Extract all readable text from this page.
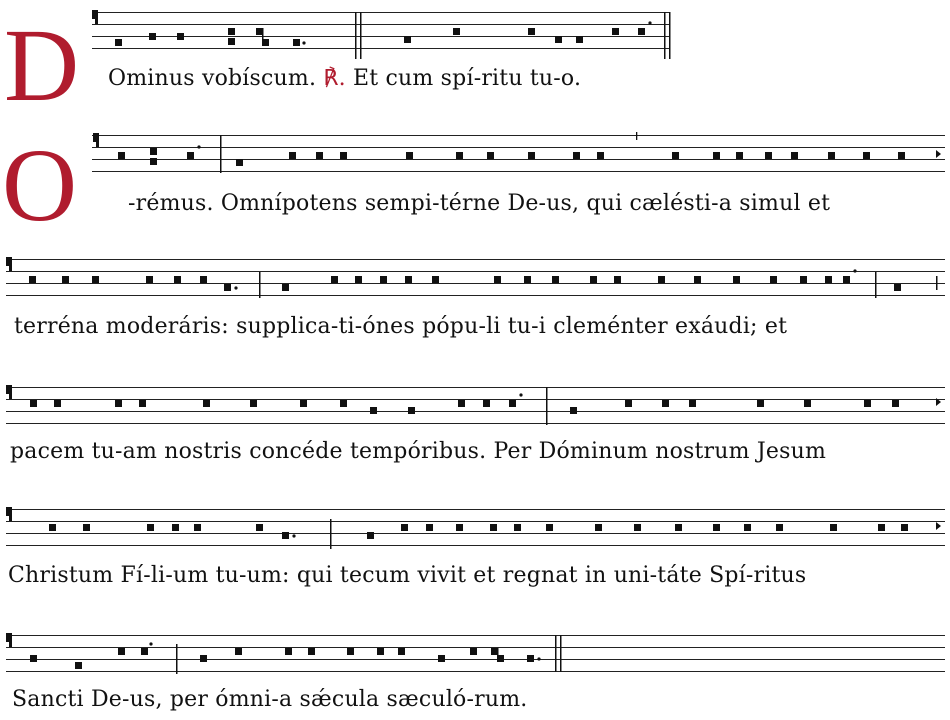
D
O

Ominus vobíscum. ℟. Et cum spí-ritu tu-o.

-rémus. Omnípotens sempi-térne De-us, qui cælésti-a simul et

terréna moderáris: supplica-ti-ónes pópu-li tu-i cleménter exáudi; et

pacem tu-am nostris concéde tempóribus. Per Dóminum nostrum Jesum

Christum Fí-li-um tu-um: qui tecum vivit et regnat in uni-táte Spí-ritus

Sancti De-us, per ómni-a sǽcula sæculó-rum.
